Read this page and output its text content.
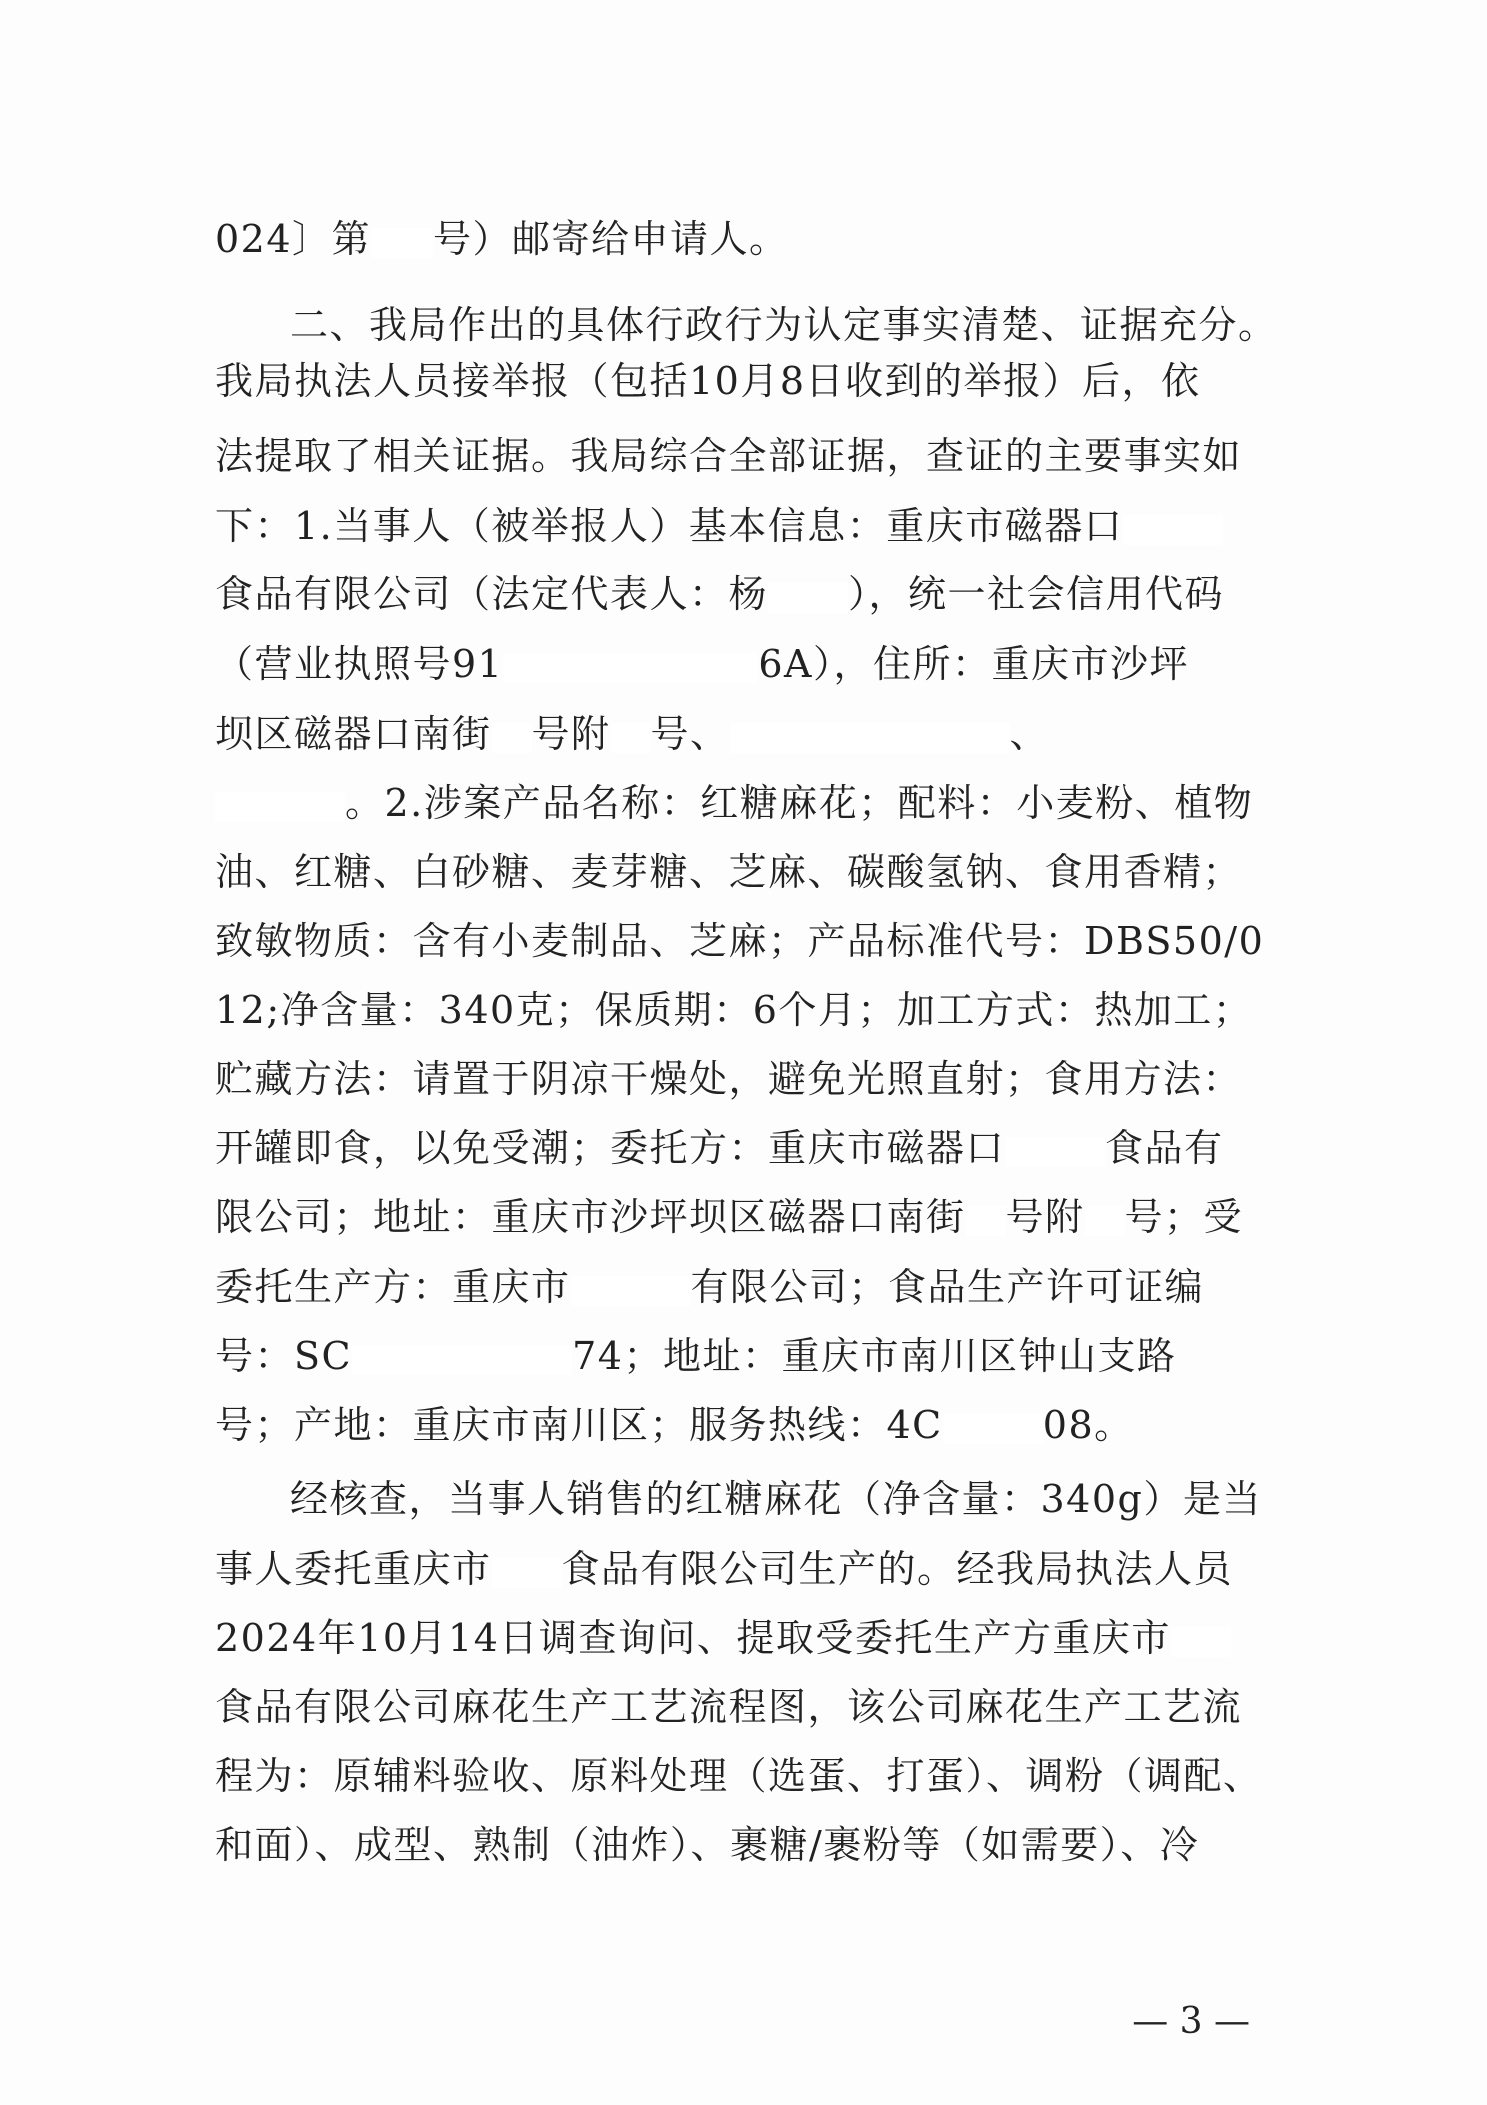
024〕第 号）邮寄给申请人。
二、我局作出的具体行政行为认定事实清楚、证据充分。
我局执法人员接举报（包括10月8日收到的举报）后，依
法提取了相关证据。我局综合全部证据，查证的主要事实如
下：1.当事人（被举报人）基本信息：重庆市磁器口
食品有限公司（法定代表人：杨 ），统一社会信用代码
（营业执照号91	6A），住所：重庆市沙坪
坝区磁器口南街 号附 号、	、
。2.涉案产品名称：红糖麻花；配料：小麦粉、植物
油、红糖、白砂糖、麦芽糖、芝麻、碳酸氢钠、食用香精；
致敏物质：含有小麦制品、芝麻；产品标准代号：DBS50/0
12;净含量：340克；保质期：6个月；加工方式：热加工；
贮藏方法：请置于阴凉干燥处，避免光照直射；食用方法：
开罐即食，以免受潮；委托方：重庆市磁器口	食品有
限公司；地址：重庆市沙坪坝区磁器口南街 号附 号；受
委托生产方：重庆市	有限公司；食品生产许可证编
号：SC	74；地址：重庆市南川区钟山支路
号；产地：重庆市南川区；服务热线：4C	08。
经核查，当事人销售的红糖麻花（净含量：340g）是当
事人委托重庆市 食品有限公司生产的。经我局执法人员
2024年10月14日调查询问、提取受委托生产方重庆市
食品有限公司麻花生产工艺流程图，该公司麻花生产工艺流
程为：原辅料验收、原料处理（选蛋、打蛋）、调粉（调配、
和面）、成型、熟制（油炸）、裹糖/裹粉等（如需要）、冷
— 3 —
